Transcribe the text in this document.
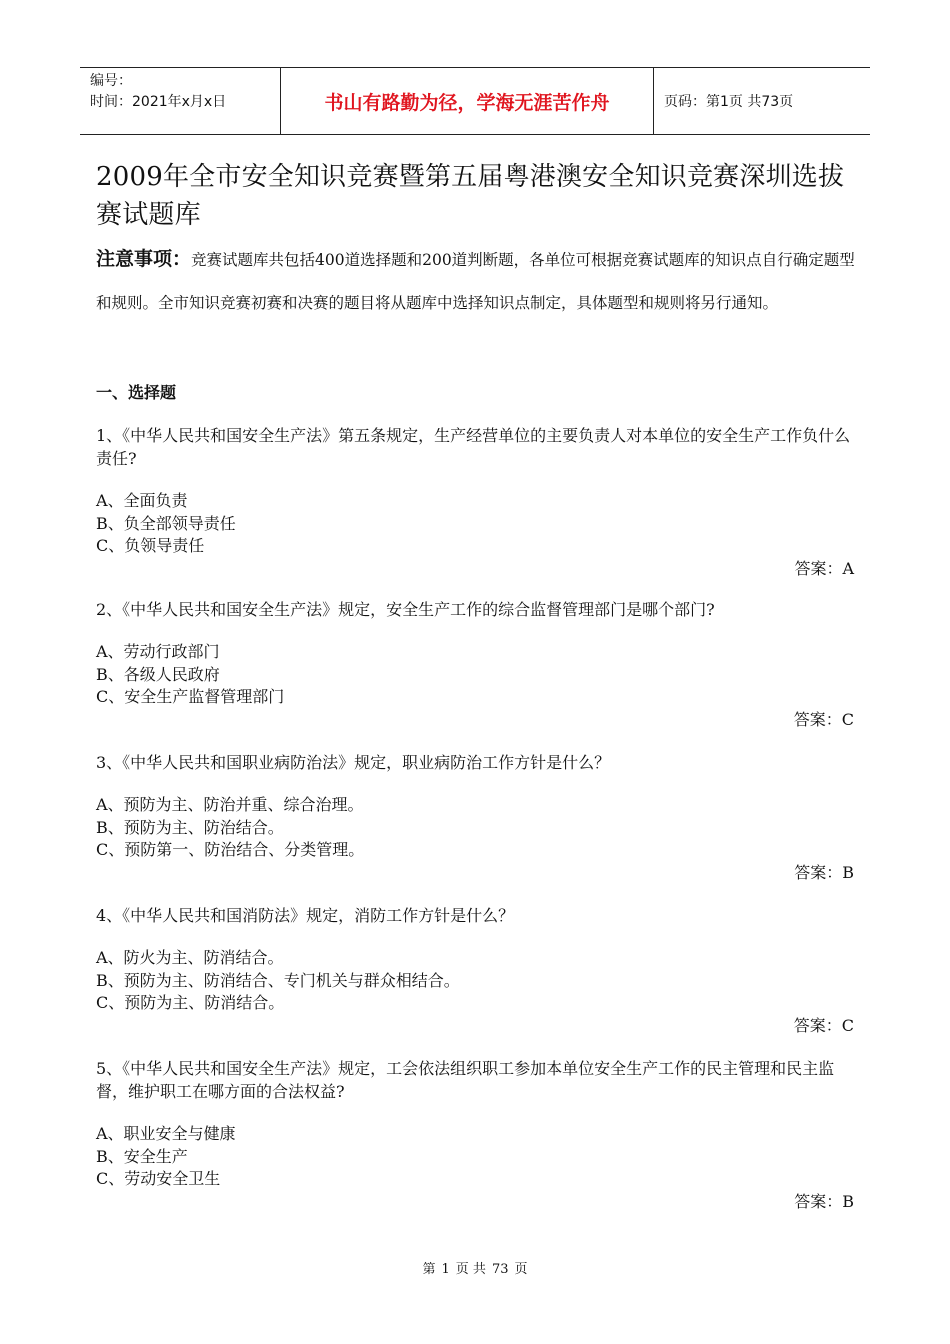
编号：
时间：2021年x月x日	书山有路勤为径，学海无涯苦作舟	页码：第1页 共73页
2009年全市安全知识竞赛暨第五届粤港澳安全知识竞赛深圳选拔赛试题库
注意事项：竞赛试题库共包括400道选择题和200道判断题，各单位可根据竞赛试题库的知识点自行确定题型和规则。全市知识竞赛初赛和决赛的题目将从题库中选择知识点制定，具体题型和规则将另行通知。
一、选择题

1、《中华人民共和国安全生产法》第五条规定，生产经营单位的主要负责人对本单位的安全生产工作负什么责任?

A、全面负责

B、负全部领导责任

C、负领导责任

答案：A

2、《中华人民共和国安全生产法》规定，安全生产工作的综合监督管理部门是哪个部门?

A、劳动行政部门

B、各级人民政府

C、安全生产监督管理部门

答案：C

3、《中华人民共和国职业病防治法》规定，职业病防治工作方针是什么？

A、预防为主、防治并重、综合治理。

B、预防为主、防治结合。

C、预防第一、防治结合、分类管理。

答案：B

4、《中华人民共和国消防法》规定，消防工作方针是什么？

A、防火为主、防消结合。

B、预防为主、防消结合、专门机关与群众相结合。

C、预防为主、防消结合。

答案：C

5、《中华人民共和国安全生产法》规定，工会依法组织职工参加本单位安全生产工作的民主管理和民主监督，维护职工在哪方面的合法权益?

A、职业安全与健康

B、安全生产

C、劳动安全卫生

答案：B
第 1 页 共 73 页
